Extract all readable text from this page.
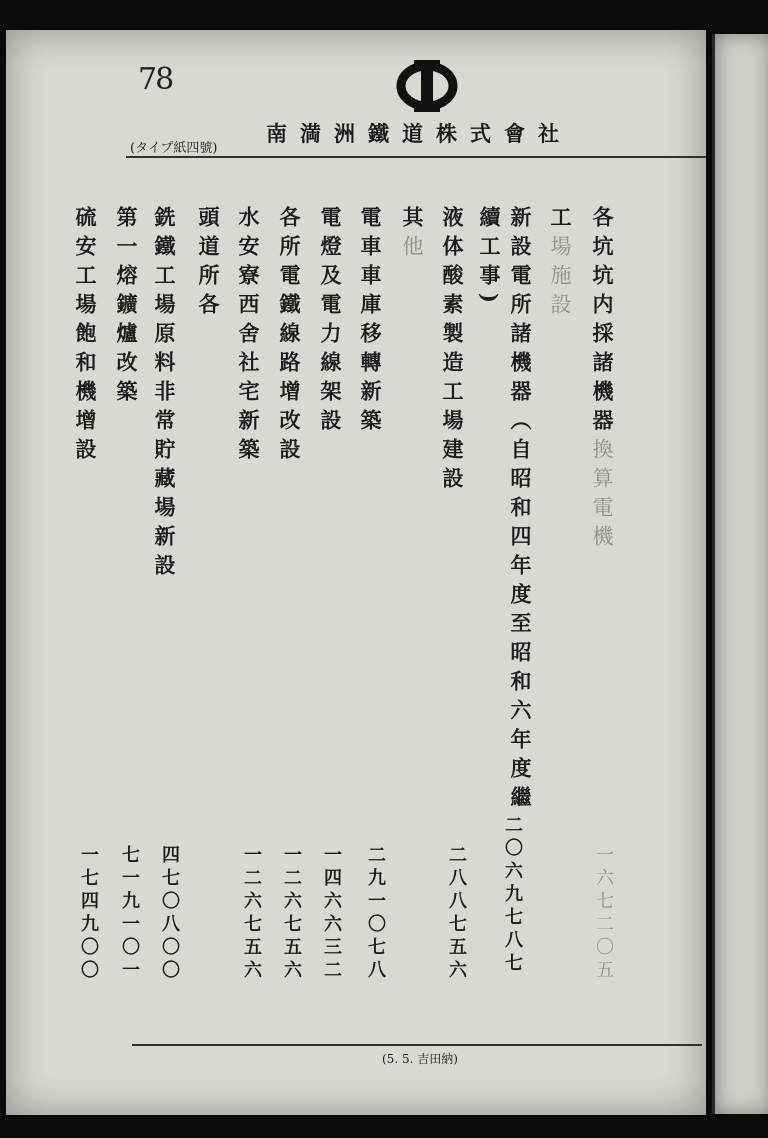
78
南満洲鐵道株式會社
(タイプ紙四號)
各坑坑内採諸機器換算電機
工場施設
新設電所諸機器（自昭和四年度至昭和六年度繼
續工事)
液体酸素製造工場建設
其他
電車車庫移轉新築
電燈及電力線架設
各所電鐵線路增改設
水安寮西舍社宅新築
頭道所各
銑鐵工場原料非常貯藏場新設
第一熔鑛爐改築
硫安工場飽和機增設
一六七二〇五
二〇六九七八七
二八八七五六
二九一〇七八
一四六六三二
一二六七五六
一二六七五六
四七〇八〇〇
七一九一〇一
一七四九〇〇
(5. 5. 吉田納)
